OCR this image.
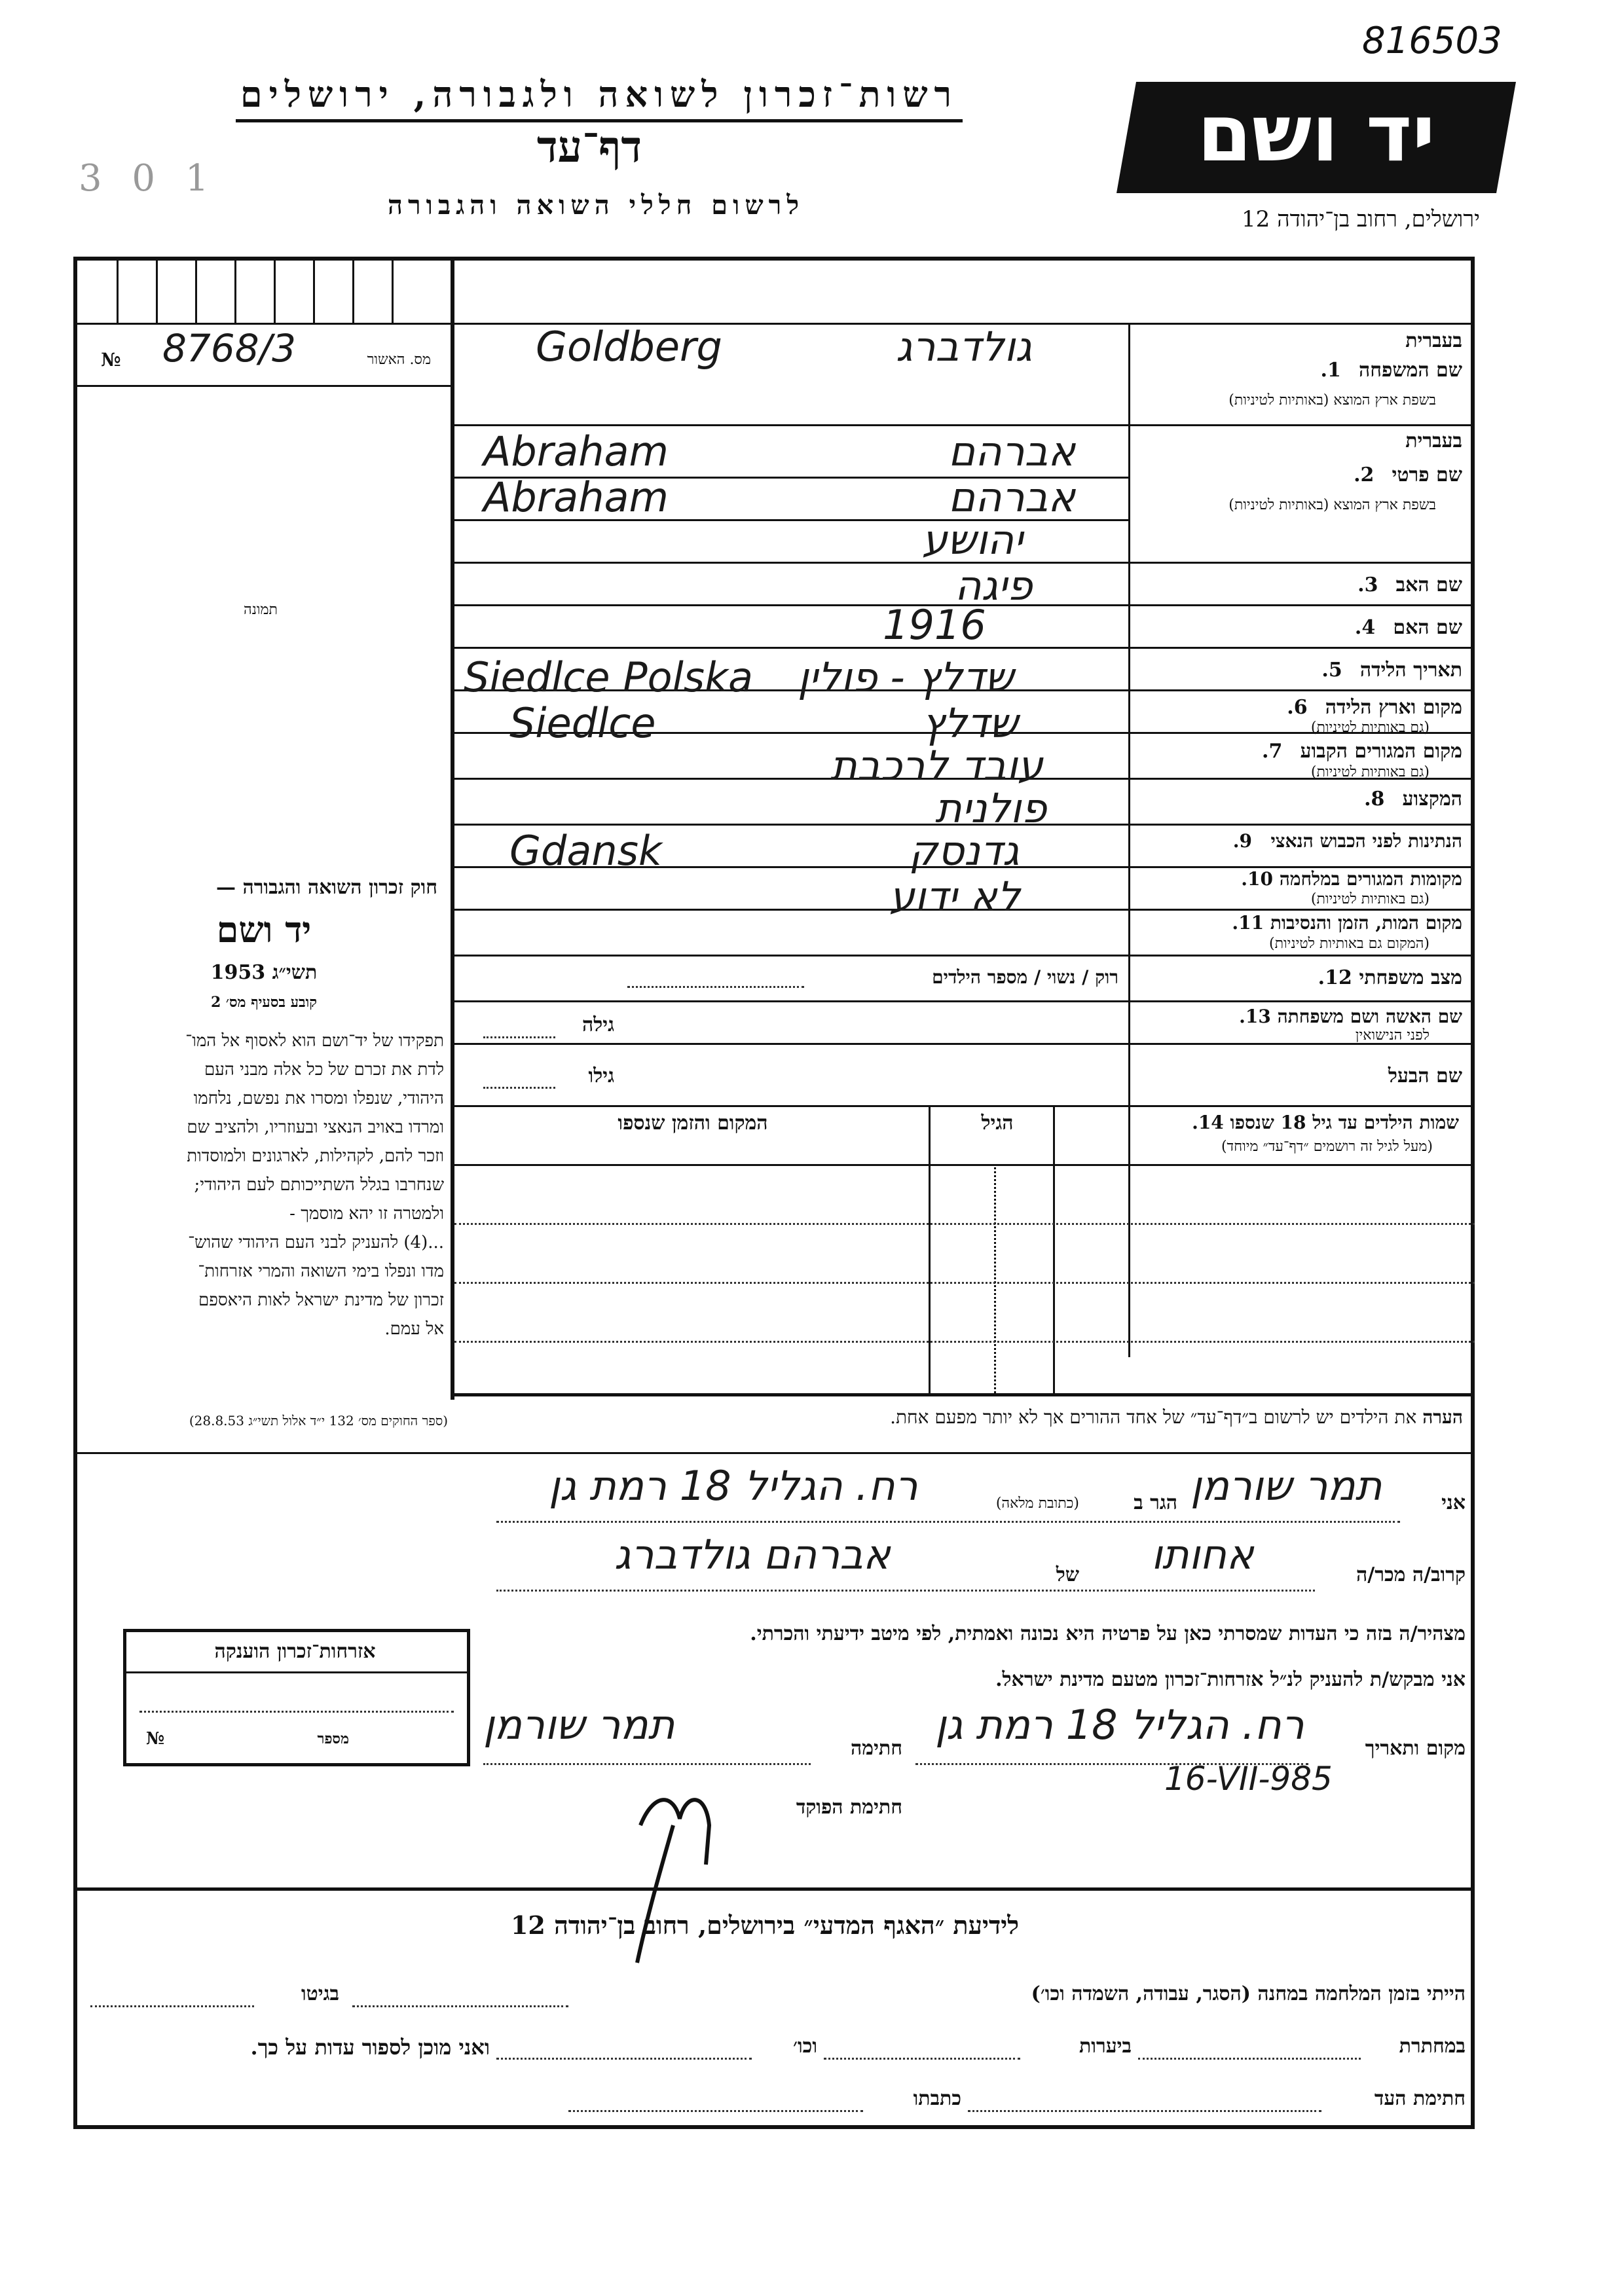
816503
3 0 1
רשות־זכרון לשואה ולגבורה, ירושלים
דף־עד
לרשום חללי השואה והגבורה
יד ושם
ירושלים, רחוב בן־יהודה 12
מס. האשור
№ 8768/3
תמונה
חוק זכרון השואה והגבורה —
יד ושם
תשי״ג 1953
קובע בסעיף מס׳ 2
תפקידו של יד־ושם הוא לאסוף אל המו־
לדת את זכרם של כל אלה מבני העם
היהודי, שנפלו ומסרו את נפשם, נלחמו
ומרדו באויב הנאצי ובעוזריו, ולהציב שם
וזכר להם, לקהילות, לארגונים ולמוסדות
שנחרבו בגלל השתייכותם לעם היהודי;
ולמטרה זו יהא מוסמך -
...(4) להעניק לבני העם היהודי שהוש־
מדו ונפלו בימי השואה והמרי אזרחות־
זכרון של מדינת ישראל לאות היאספם
אל עמם.
(ספר החוקים מס׳ 132 י״ד אלול תשי״ג 28.8.53)
בעברית
שם המשפחה 1.
בשפת ארץ המוצא (באותיות לטיניות)
Goldberg	גולדברג
בעברית
שם פרטי 2.
בשפת ארץ המוצא (באותיות לטיניות)
Abraham
Abraham
אברהם
אברהם
שם האב 3.
יהושע
שם האם 4.
פיגה
תאריך הלידה 5.
1916
מקום וארץ הלידה 6.
(גם באותיות לטיניות)
Siedlce Polska שדלץ - פולין
מקום המגורים הקבוע 7.
(גם באותיות לטיניות)
Siedlce	שדלץ
המקצוע 8.
עובד לרכבת
הנתינות לפני הכבוש הנאצי 9.
פולנית
מקומות המגורים במלחמה 10.
(גם באותיות לטיניות)
Gdansk	גדנסק
מקום המות, הזמן והנסיבות 11.
(המקום גם באותיות לטיניות)
לא ידוע
מצב משפחתי 12.
רוק / נשוי / מספר הילדים
שם האשה ושם משפחתה 13.
לפני הנישואין
גילה
שם הבעל
גילו
שמות הילדים עד גיל 18 שנספו 14.
(מעל לגיל זה רושמים ״דף־עד״ מיוחד)
הגיל
המקום והזמן שנספו
הערה את הילדים יש לרשום ב״דף־עד״ של אחד ההורים אך לא יותר מפעם אחת.
אני
תמר שורמן
הגר ב
(כתובת מלאה)
רח. הגליל 18 רמת גן
קרוב/ה מכר/ה
אחותו
של
אברהם גולדברג
מצהיר/ה בזה כי העדות שמסרתי כאן על פרטיה היא נכונה ואמתית, לפי מיטב ידיעתי והכרתי.
אני מבקש/ת להעניק לנ״ל אזרחות־זכרון מטעם מדינת ישראל.
מקום ותאריך
רח. הגליל 18 רמת גן
16-VII-985
חתימה
תמר שורמן
חתימת הפוקד
אזרחות־זכרון הוענקה
מספר
№
לידיעת ״האגף המדעי״ בירושלים, רחוב בן־יהודה 12
הייתי בזמן המלחמה במחנה (הסגר, עבודה, השמדה וכו׳)
בגיטו
במחתרת
ביערות
וכו׳
ואני מוכן לספור עדות על כך.
חתימת העד
כתבתו
